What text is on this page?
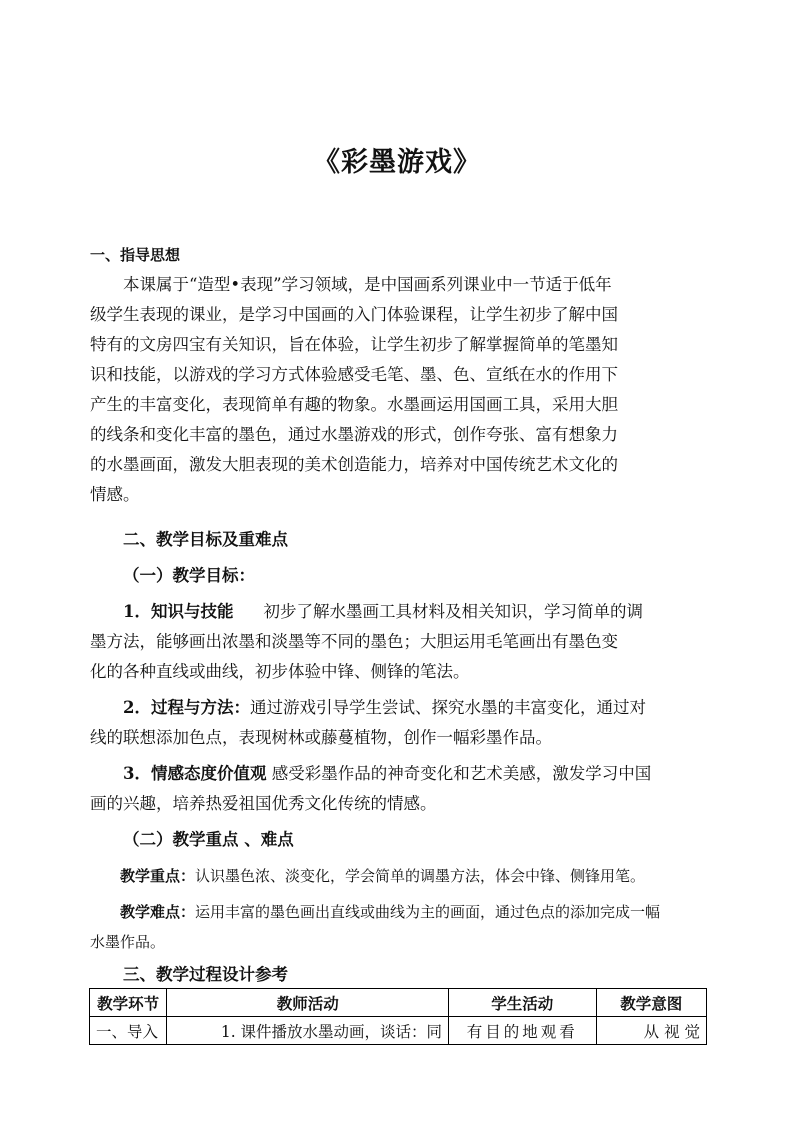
《彩墨游戏》
一、指导思想
本课属于“造型•表现”学习领域，是中国画系列课业中一节适于低年
级学生表现的课业，是学习中国画的入门体验课程，让学生初步了解中国
特有的文房四宝有关知识，旨在体验，让学生初步了解掌握简单的笔墨知
识和技能，以游戏的学习方式体验感受毛笔、墨、色、宣纸在水的作用下
产生的丰富变化，表现简单有趣的物象。水墨画运用国画工具，采用大胆
的线条和变化丰富的墨色，通过水墨游戏的形式，创作夸张、富有想象力
的水墨画面，激发大胆表现的美术创造能力，培养对中国传统艺术文化的
情感。
二、教学目标及重难点
（一）教学目标：
1．知识与技能 初步了解水墨画工具材料及相关知识，学习简单的调
墨方法，能够画出浓墨和淡墨等不同的墨色；大胆运用毛笔画出有墨色变
化的各种直线或曲线，初步体验中锋、侧锋的笔法。
2．过程与方法：通过游戏引导学生尝试、探究水墨的丰富变化，通过对
线的联想添加色点，表现树林或藤蔓植物，创作一幅彩墨作品。
3．情感态度价值观 感受彩墨作品的神奇变化和艺术美感，激发学习中国
画的兴趣，培养热爱祖国优秀文化传统的情感。
（二）教学重点 、难点
教学重点：认识墨色浓、淡变化，学会简单的调墨方法，体会中锋、侧锋用笔。
教学难点：运用丰富的墨色画出直线或曲线为主的画面，通过色点的添加完成一幅
水墨作品。
三、教学过程设计参考
教学环节	教师活动	学生活动	教学意图
一、导入	1. 课件播放水墨动画，谈话：同	有目的地观看	从 视 觉
